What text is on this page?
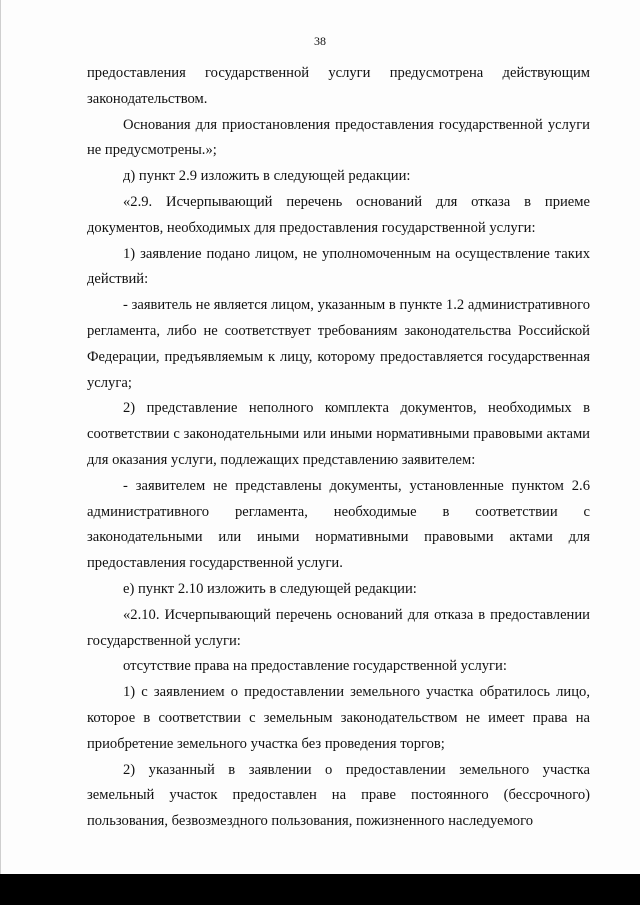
38

предоставления государственной услуги предусмотрена действующим законодательством.

Основания для приостановления предоставления государственной услуги не предусмотрены.»;

д) пункт 2.9 изложить в следующей редакции:

«2.9. Исчерпывающий перечень оснований для отказа в приеме документов, необходимых для предоставления государственной услуги:

1) заявление подано лицом, не уполномоченным на осуществление таких действий:

- заявитель не является лицом, указанным в пункте 1.2 административного регламента, либо не соответствует требованиям законодательства Российской Федерации, предъявляемым к лицу, которому предоставляется государственная услуга;

2) представление неполного комплекта документов, необходимых в соответствии с законодательными или иными нормативными правовыми актами для оказания услуги, подлежащих представлению заявителем:

- заявителем не представлены документы, установленные пунктом 2.6 административного регламента, необходимые в соответствии с законодательными или иными нормативными правовыми актами для предоставления государственной услуги.

е) пункт 2.10 изложить в следующей редакции:

«2.10. Исчерпывающий перечень оснований для отказа в предоставлении государственной услуги:

отсутствие права на предоставление государственной услуги:

1) с заявлением о предоставлении земельного участка обратилось лицо, которое в соответствии с земельным законодательством не имеет права на приобретение земельного участка без проведения торгов;

2) указанный в заявлении о предоставлении земельного участка земельный участок предоставлен на праве постоянного (бессрочного) пользования, безвозмездного пользования, пожизненного наследуемого
